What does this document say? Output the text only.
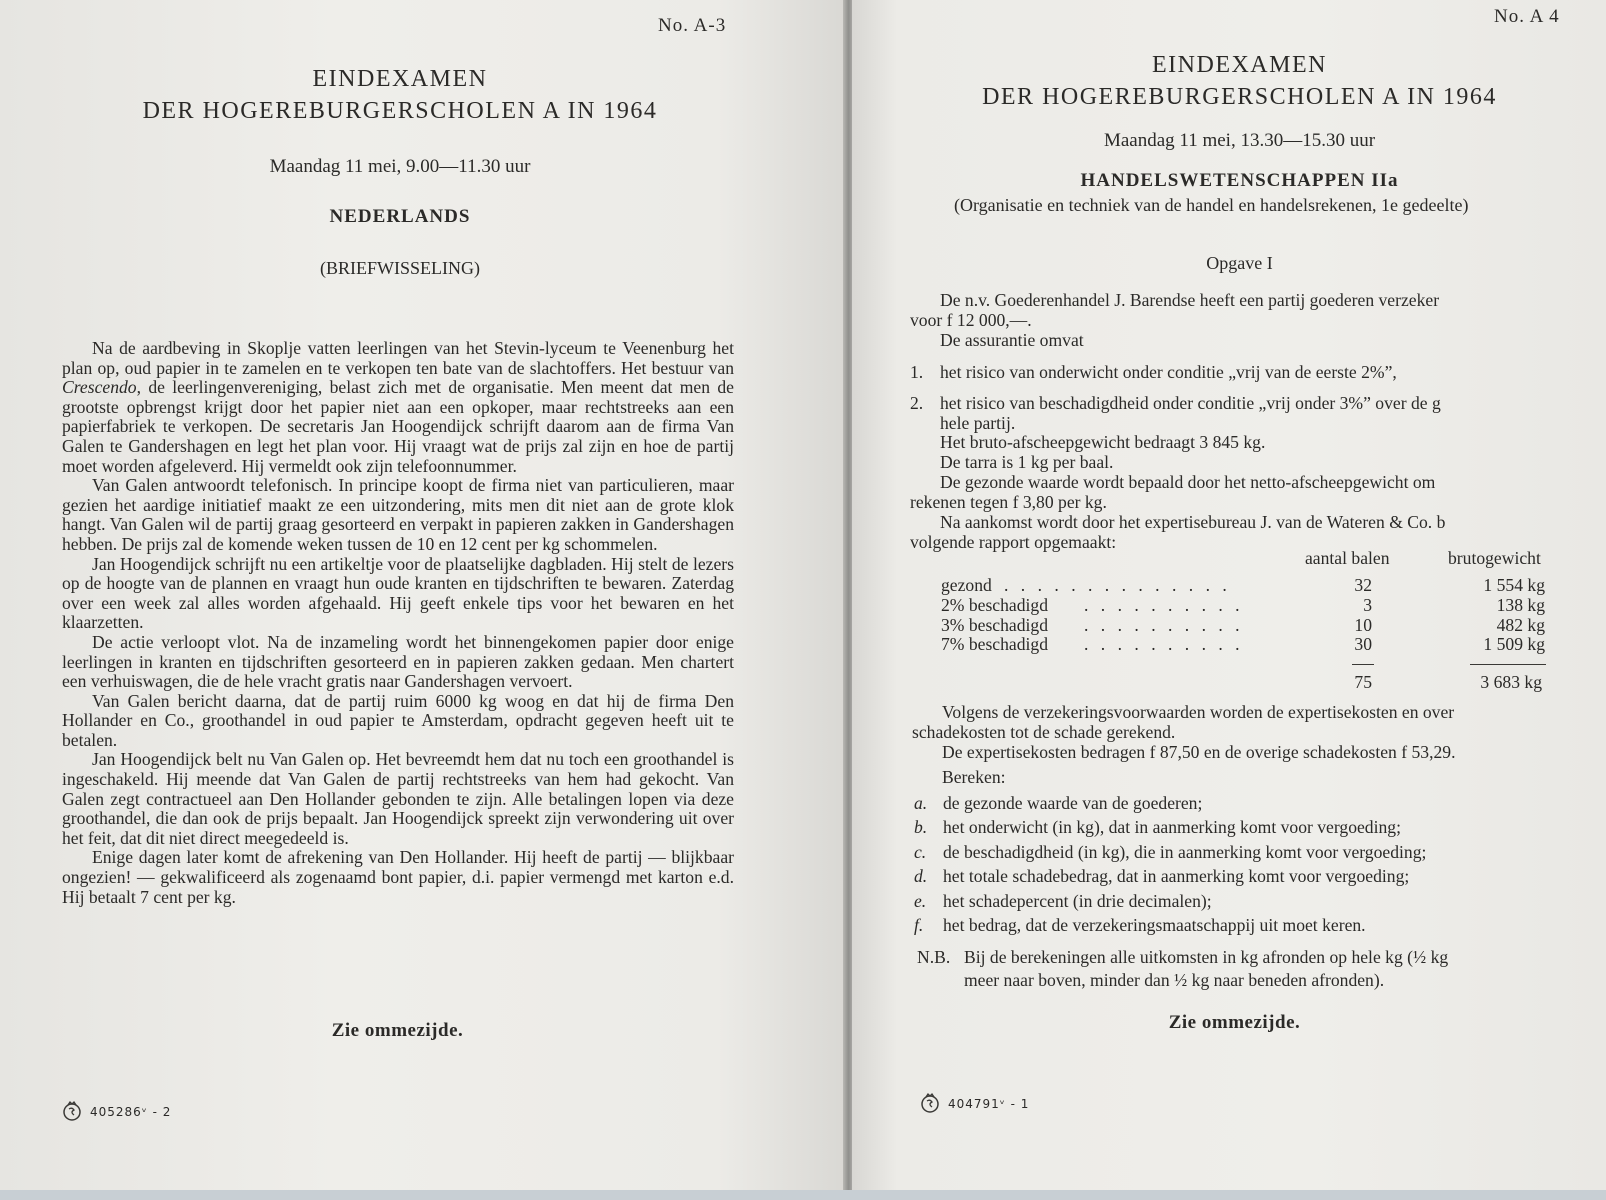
No. A-3
EINDEXAMEN
DER HOGEREBURGERSCHOLEN A IN 1964
Maandag 11 mei, 9.00—11.30 uur
NEDERLANDS
(BRIEFWISSELING)

Na de aardbeving in Skoplje vatten leerlingen van het Stevin-lyceum te Veenenburg het plan op, oud papier in te zamelen en te verkopen ten bate van de slachtoffers. Het bestuur van Crescendo, de leerlingenvereniging, belast zich met de organisatie. Men meent dat men de grootste opbrengst krijgt door het papier niet aan een opkoper, maar rechtstreeks aan een papierfabriek te verkopen. De secretaris Jan Hoogendijck schrijft daarom aan de firma Van Galen te Gandershagen en legt het plan voor. Hij vraagt wat de prijs zal zijn en hoe de partij moet worden afgeleverd. Hij vermeldt ook zijn telefoonnummer.

Van Galen antwoordt telefonisch. In principe koopt de firma niet van particulieren, maar gezien het aardige initiatief maakt ze een uitzondering, mits men dit niet aan de grote klok hangt. Van Galen wil de partij graag gesorteerd en verpakt in papieren zakken in Gandershagen hebben. De prijs zal de komende weken tussen de 10 en 12 cent per kg schommelen.

Jan Hoogendijck schrijft nu een artikeltje voor de plaatselijke dagbladen. Hij stelt de lezers op de hoogte van de plannen en vraagt hun oude kranten en tijdschriften te bewaren. Zaterdag over een week zal alles worden afgehaald. Hij geeft enkele tips voor het bewaren en het klaarzetten.

De actie verloopt vlot. Na de inzameling wordt het binnengekomen papier door enige leerlingen in kranten en tijdschriften gesorteerd en in papieren zakken gedaan. Men chartert een verhuiswagen, die de hele vracht gratis naar Gandershagen vervoert.

Van Galen bericht daarna, dat de partij ruim 6000 kg woog en dat hij de firma Den Hollander en Co., groothandel in oud papier te Amsterdam, opdracht gegeven heeft uit te betalen.

Jan Hoogendijck belt nu Van Galen op. Het bevreemdt hem dat nu toch een groothandel is ingeschakeld. Hij meende dat Van Galen de partij rechtstreeks van hem had gekocht. Van Galen zegt contractueel aan Den Hollander gebonden te zijn. Alle betalingen lopen via deze groothandel, die dan ook de prijs bepaalt. Jan Hoogendijck spreekt zijn verwondering uit over het feit, dat dit niet direct meegedeeld is.

Enige dagen later komt de afrekening van Den Hollander. Hij heeft de partij — blijkbaar ongezien! — gekwalificeerd als zogenaamd bont papier, d.i. papier vermengd met karton e.d. Hij betaalt 7 cent per kg.

Zie ommezijde.
405286ᵛ - 2
No. A 4
EINDEXAMEN
DER HOGEREBURGERSCHOLEN A IN 1964
Maandag 11 mei, 13.30—15.30 uur
HANDELSWETENSCHAPPEN IIa
(Organisatie en techniek van de handel en handelsrekenen, 1e gedeelte)
Opgave I
De n.v. Goederenhandel J. Barendse heeft een partij goederen verzeker
voor f 12 000,—.
De assurantie omvat
1. het risico van onderwicht onder conditie „vrij van de eerste 2%”,
2. het risico van beschadigdheid onder conditie „vrij onder 3%” over de g
hele partij.
Het bruto-afscheepgewicht bedraagt 3 845 kg.
De tarra is 1 kg per baal.
De gezonde waarde wordt bepaald door het netto-afscheepgewicht om
rekenen tegen f 3,80 per kg.
Na aankomst wordt door het expertisebureau J. van de Wateren & Co. b
volgende rapport opgemaakt:
aantal balen	brutogewicht
gezond . . . . . . . . . . . . . .	32	1 554 kg
2% beschadigd . . . . . . . . . .	3	138 kg
3% beschadigd . . . . . . . . . .	10	482 kg
7% beschadigd . . . . . . . . . .	30	1 509 kg
75	3 683 kg
Volgens de verzekeringsvoorwaarden worden de expertisekosten en over
schadekosten tot de schade gerekend.
De expertisekosten bedragen f 87,50 en de overige schadekosten f 53,29.
Bereken:
a. de gezonde waarde van de goederen;
b. het onderwicht (in kg), dat in aanmerking komt voor vergoeding;
c. de beschadigdheid (in kg), die in aanmerking komt voor vergoeding;
d. het totale schadebedrag, dat in aanmerking komt voor vergoeding;
e. het schadepercent (in drie decimalen);
f. het bedrag, dat de verzekeringsmaatschappij uit moet keren.
N.B. Bij de berekeningen alle uitkomsten in kg afronden op hele kg (½ kg
meer naar boven, minder dan ½ kg naar beneden afronden).
Zie ommezijde.
404791ᵛ - 1
